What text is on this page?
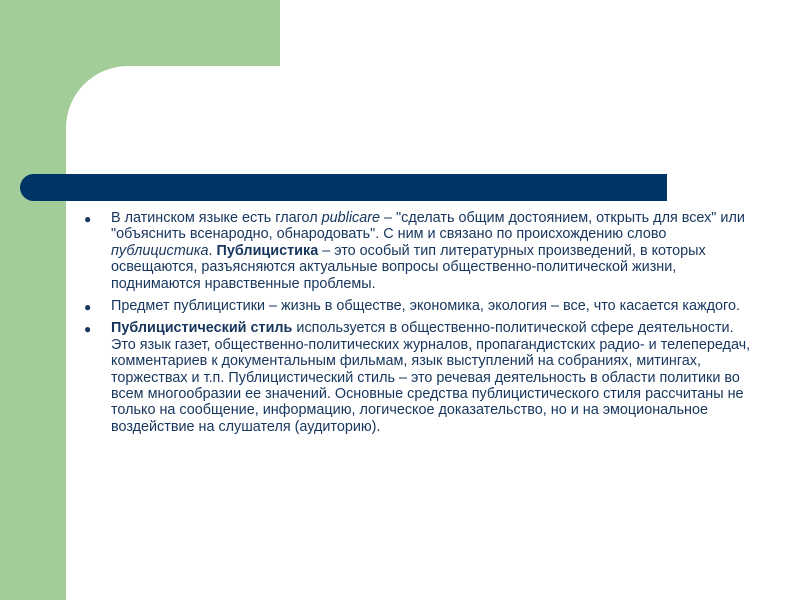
● В латинском языке есть глагол publicare – "сделать общим достоянием, открыть для всех" или "объяснить всенародно, обнародовать". С ним и связано по происхождению слово публицистика. Публицистика – это особый тип литературных произведений, в которых освещаются, разъясняются актуальные вопросы общественно-политической жизни, поднимаются нравственные проблемы.
● Предмет публицистики – жизнь в обществе, экономика, экология – все, что касается каждого.
● Публицистический стиль используется в общественно-политической сфере деятельности. Это язык газет, общественно-политических журналов, пропагандистских радио- и телепередач, комментариев к документальным фильмам, язык выступлений на собраниях, митингах, торжествах и т.п. Публицистический стиль – это речевая деятельность в области политики во всем многообразии ее значений. Основные средства публицистического стиля рассчитаны не только на сообщение, информацию, логическое доказательство, но и на эмоциональное воздействие на слушателя (аудиторию).
